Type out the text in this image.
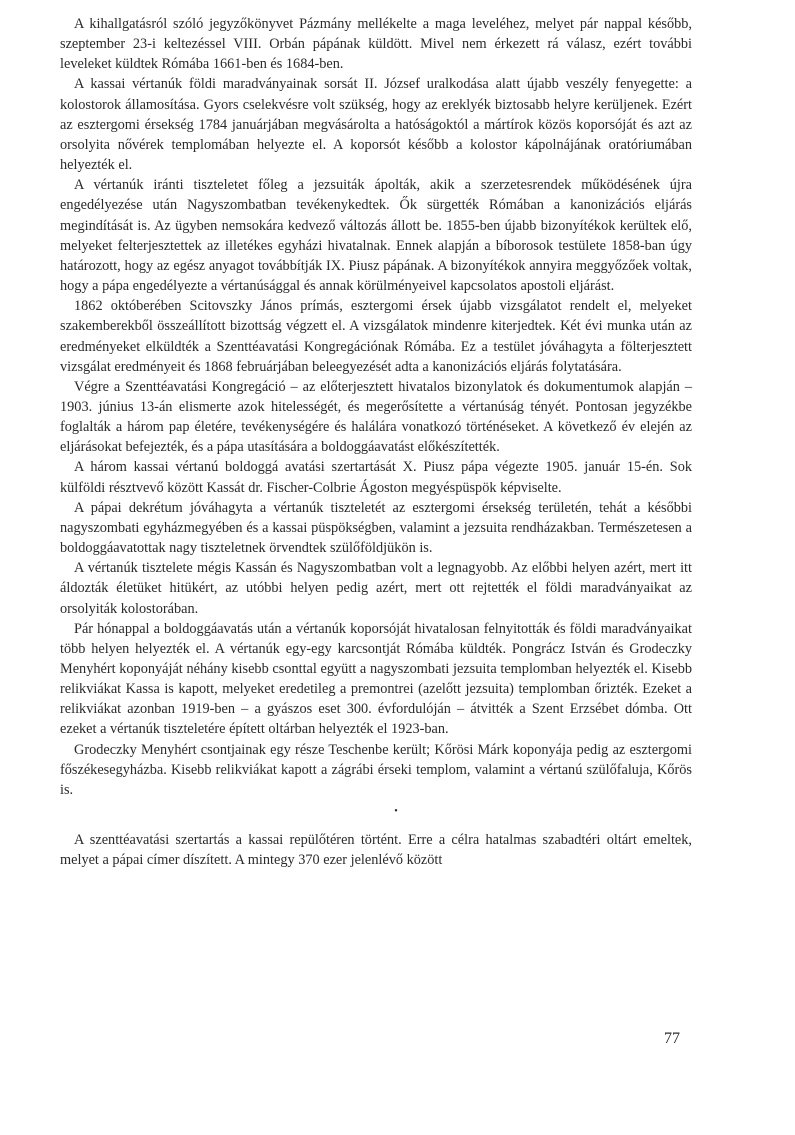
A kihallgatásról szóló jegyzőkönyvet Pázmány mellékelte a maga leveléhez, melyet pár nappal később, szeptember 23-i keltezéssel VIII. Orbán pápának küldött. Mivel nem érkezett rá válasz, ezért további leveleket küldtek Rómába 1661-ben és 1684-ben.

A kassai vértanúk földi maradványainak sorsát II. József uralkodása alatt újabb veszély fenyegette: a kolostorok államosítása. Gyors cselekvésre volt szükség, hogy az ereklyék biztosabb helyre kerüljenek. Ezért az esztergomi érsekség 1784 januárjában megvásárolta a hatóságoktól a mártírok közös koporsóját és azt az orsolyita nővérek templomában helyezte el. A koporsót később a kolostor kápolnájának oratóriumában helyezték el.

A vértanúk iránti tiszteletet főleg a jezsuiták ápolták, akik a szerzetesrendek működésének újra engedélyezése után Nagyszombatban tevékenykedtek. Ők sürgették Rómában a kanonizációs eljárás megindítását is. Az ügyben nemsokára kedvező változás állott be. 1855-ben újabb bizonyítékok kerültek elő, melyeket felterjesztettek az illetékes egyházi hivatalnak. Ennek alapján a bíborosok testülete 1858-ban úgy határozott, hogy az egész anyagot továbbítják IX. Piusz pápának. A bizonyítékok annyira meggyőzőek voltak, hogy a pápa engedélyezte a vértanúsággal és annak körülményeivel kapcsolatos apostoli eljárást.

1862 októberében Scitovszky János prímás, esztergomi érsek újabb vizsgálatot rendelt el, melyeket szakemberekből összeállított bizottság végzett el. A vizsgálatok mindenre kiterjedtek. Két évi munka után az eredményeket elküldték a Szenttéavatási Kongregációnak Rómába. Ez a testület jóváhagyta a fölterjesztett vizsgálat eredményeit és 1868 februárjában beleegyezését adta a kanonizációs eljárás folytatására.

Végre a Szenttéavatási Kongregáció – az előterjesztett hivatalos bizonylatok és dokumentumok alapján – 1903. június 13-án elismerte azok hitelességét, és megerősítette a vértanúság tényét. Pontosan jegyzékbe foglalták a három pap életére, tevékenységére és halálára vonatkozó történéseket. A következő év elején az eljárásokat befejezték, és a pápa utasítására a boldoggáavatást előkészítették.

A három kassai vértanú boldoggá avatási szertartását X. Piusz pápa végezte 1905. január 15-én. Sok külföldi résztvevő között Kassát dr. Fischer-Colbrie Ágoston megyéspüspök képviselte.

A pápai dekrétum jóváhagyta a vértanúk tiszteletét az esztergomi érsekség területén, tehát a későbbi nagyszombati egyházmegyében és a kassai püspökségben, valamint a jezsuita rendházakban. Természetesen a boldoggáavatottak nagy tiszteletnek örvendtek szülőföldjükön is.

A vértanúk tisztelete mégis Kassán és Nagyszombatban volt a legnagyobb. Az előbbi helyen azért, mert itt áldozták életüket hitükért, az utóbbi helyen pedig azért, mert ott rejtették el földi maradványaikat az orsolyiták kolostorában.

Pár hónappal a boldoggáavatás után a vértanúk koporsóját hivatalosan felnyitották és földi maradványaikat több helyen helyezték el. A vértanúk egy-egy karcsontját Rómába küldték. Pongrácz István és Grodeczky Menyhért koponyáját néhány kisebb csonttal együtt a nagyszombati jezsuita templomban helyezték el. Kisebb relikviákat Kassa is kapott, melyeket eredetileg a premontrei (azelőtt jezsuita) templomban őrizték. Ezeket a relikviákat azonban 1919-ben – a gyászos eset 300. évfordulóján – átvitték a Szent Erzsébet dómba. Ott ezeket a vértanúk tiszteletére épített oltárban helyezték el 1923-ban.

Grodeczky Menyhért csontjainak egy része Teschenbe került; Kőrösi Márk koponyája pedig az esztergomi főszékesegyházba. Kisebb relikviákat kapott a zágrábi érseki templom, valamint a vértanú szülőfaluja, Kőrös is.

•

A szenttéavatási szertartás a kassai repülőtéren történt. Erre a célra hatalmas szabadtéri oltárt emeltek, melyet a pápai címer díszített. A mintegy 370 ezer jelenlévő között

77
